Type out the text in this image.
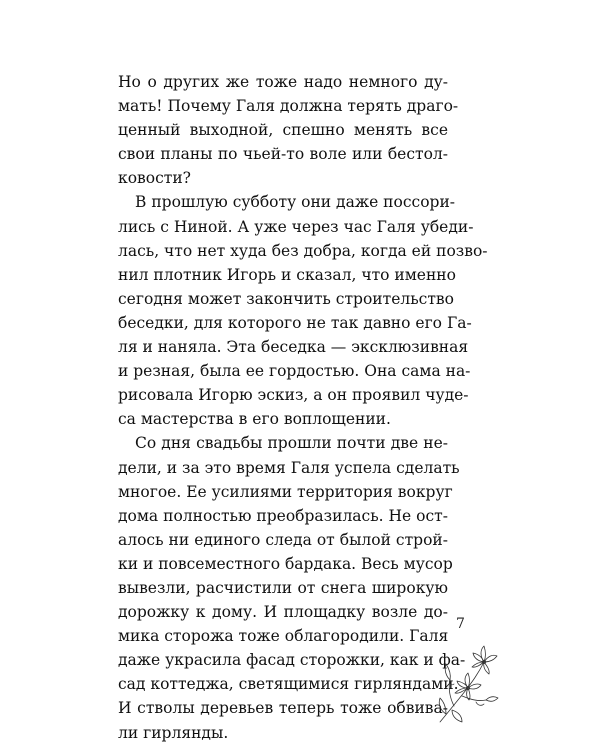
Но о других же тоже надо немного ду-
мать! Почему Галя должна терять драго-
ценный выходной, спешно менять все
свои планы по чьей-то воле или бестол-
ковости?
В прошлую субботу они даже поссори-
лись с Ниной. А уже через час Галя убеди-
лась, что нет худа без добра, когда ей позво-
нил плотник Игорь и сказал, что именно
сегодня может закончить строительство
беседки, для которого не так давно его Га-
ля и наняла. Эта беседка — эксклюзивная
и резная, была ее гордостью. Она сама на-
рисовала Игорю эскиз, а он проявил чуде-
са мастерства в его воплощении.
Со дня свадьбы прошли почти две не-
дели, и за это время Галя успела сделать
многое. Ее усилиями территория вокруг
дома полностью преобразилась. Не ост-
алось ни единого следа от былой строй-
ки и повсеместного бардака. Весь мусор
вывезли, расчистили от снега широкую
дорожку к дому. И площадку возле до-
мика сторожа тоже облагородили. Галя
даже украсила фасад сторожки, как и фа-
сад коттеджа, светящимися гирляндами.
И стволы деревьев теперь тоже обвива-
ли гирлянды.
7
